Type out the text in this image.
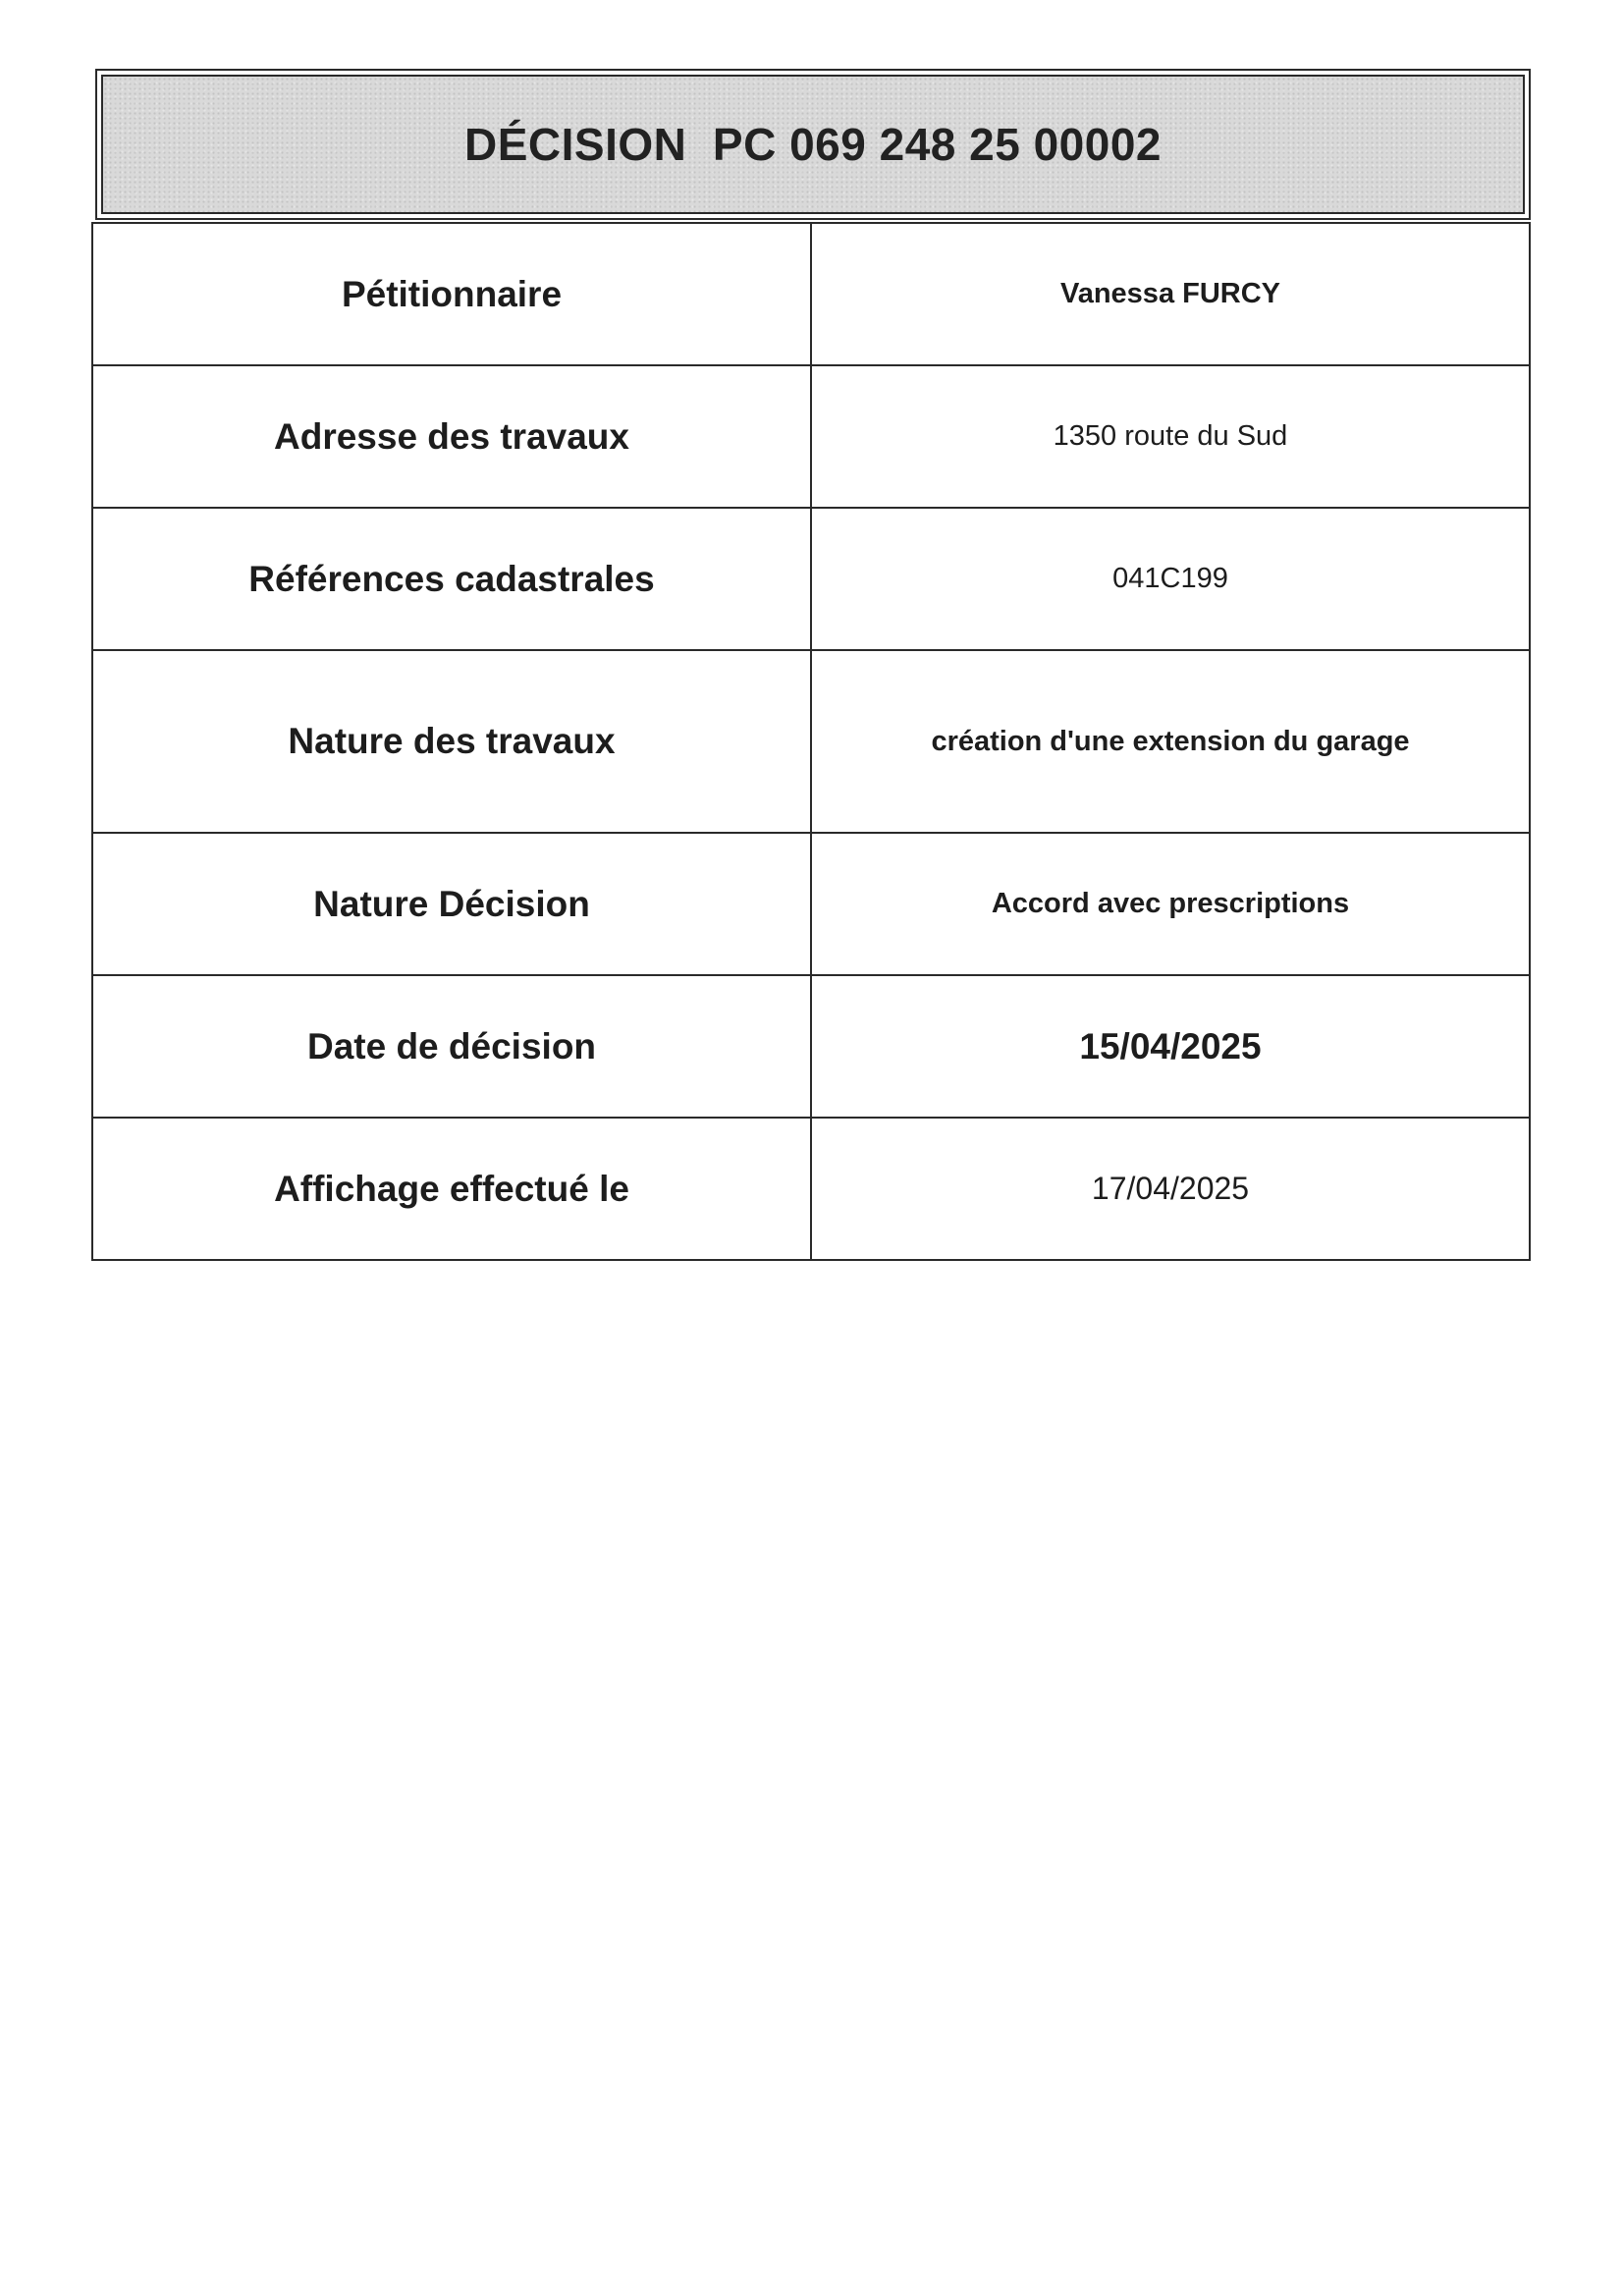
DÉCISION  PC 069 248 25 00002
Pétitionnaire	Vanessa FURCY
Adresse des travaux	1350 route du Sud
Références cadastrales	041C199
Nature des travaux	création d'une extension du garage
Nature Décision	Accord avec prescriptions
Date de décision	15/04/2025
Affichage effectué le	17/04/2025
